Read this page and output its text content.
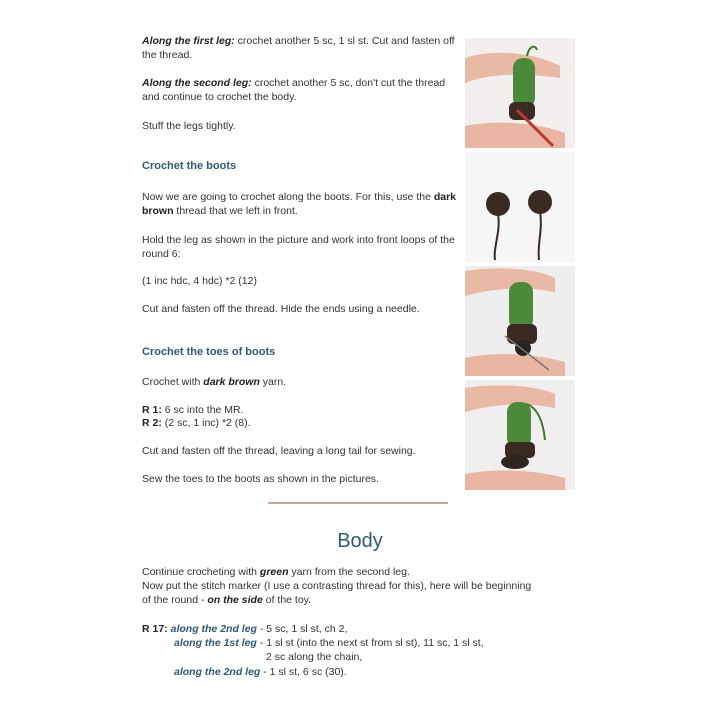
Along the first leg: crochet another 5 sc, 1 sl st. Cut and fasten off the thread.

Along the second leg: crochet another 5 sc, don't cut the thread and continue to crochet the body.

Stuff the legs tightly.

Crochet the boots

Now we are going to crochet along the boots. For this, use the dark brown thread that we left in front.

Hold the leg as shown in the picture and work into front loops of the round 6:

(1 inc hdc, 4 hdc) *2 (12)

Cut and fasten off the thread. Hide the ends using a needle.

Crochet the toes of boots

Crochet with dark brown yarn.

R 1: 6 sc into the MR.

R 2: (2 sc, 1 inc) *2 (8).

Cut and fasten off the thread, leaving a long tail for sewing.

Sew the toes to the boots as shown in the pictures.

Body

Continue crocheting with green yarn from the second leg.

Now put the stitch marker (I use a contrasting thread for this), here will be beginning

of the round - on the side of the toy.

R 17: along the 2nd leg - 5 sc, 1 sl st, ch 2,
along the 1st leg - 1 sl st (into the next st from sl st), 11 sc, 1 sl st,
2 sc along the chain,
along the 2nd leg - 1 sl st, 6 sc (30).
